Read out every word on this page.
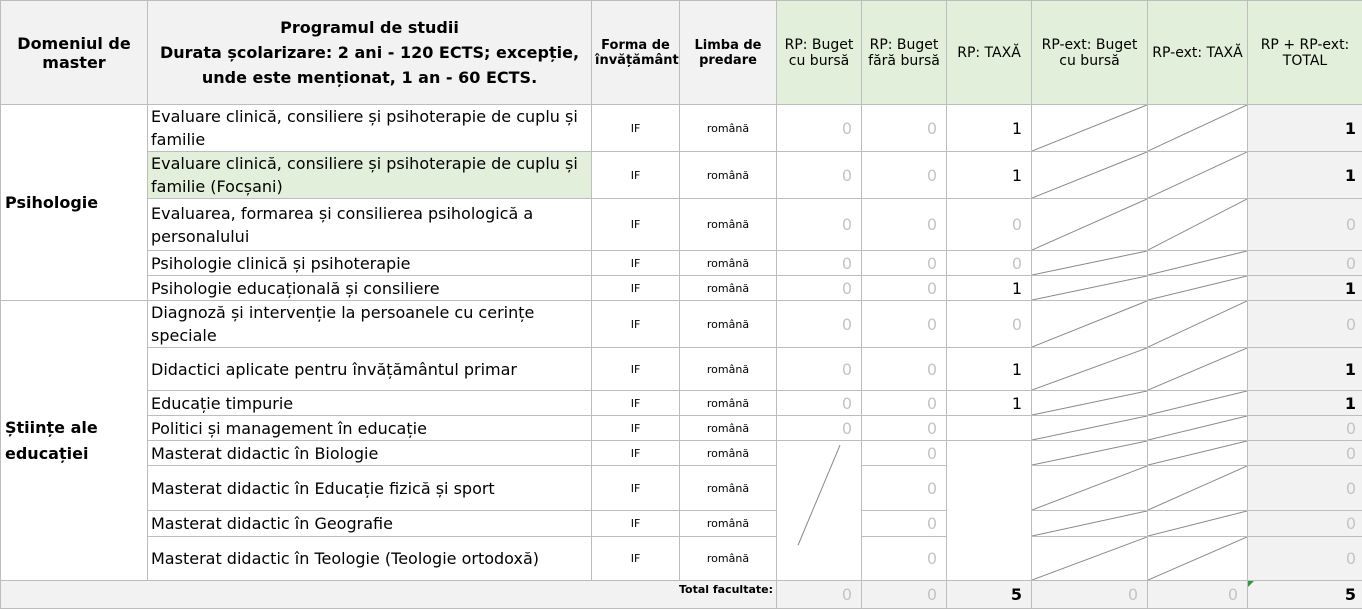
Domeniul de master	Programul de studii
Durata școlarizare: 2 ani - 120 ECTS; excepție,
unde este menționat, 1 an - 60 ECTS.	Forma de învățământ	Limba de predare	RP: Buget cu bursă	RP: Buget fără bursă	RP: TAXĂ	RP-ext: Buget cu bursă	RP-ext: TAXĂ	RP + RP-ext: TOTAL

Psihologie	Evaluare clinică, consiliere și psihoterapie de cuplu și familie	IF	română	0	0	1			1
	Evaluare clinică, consiliere și psihoterapie de cuplu și familie (Focșani)	IF	română	0	0	1			1
	Evaluarea, formarea și consilierea psihologică a personalului	IF	română	0	0	0			0
	Psihologie clinică și psihoterapie	IF	română	0	0	0			0
	Psihologie educațională și consiliere	IF	română	0	0	1			1
Științe ale educației	Diagnoză și intervenție la persoanele cu cerințe speciale	IF	română	0	0	0			0
	Didactici aplicate pentru învățământul primar	IF	română	0	0	1			1
	Educație timpurie	IF	română	0	0	1			1
	Politici și management în educație	IF	română	0	0				0
	Masterat didactic în Biologie	IF	română		0				0
	Masterat didactic în Educație fizică și sport	IF	română		0				0
	Masterat didactic în Geografie	IF	română		0				0
	Masterat didactic în Teologie (Teologie ortodoxă)	IF	română		0				0
Total facultate:				0	0	5	0	0	5
